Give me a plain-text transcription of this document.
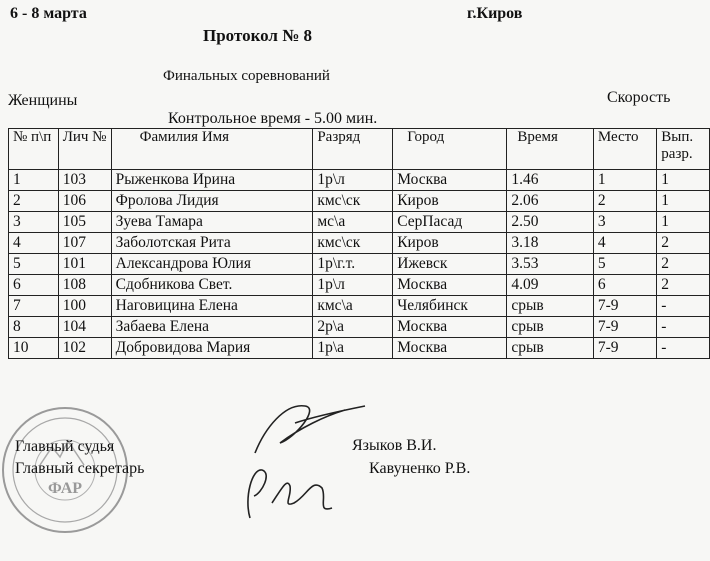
6 - 8 марта	г.Киров
Протокол № 8
Финальных соревнований
Женщины	Скорость
Контрольное время - 5.00 мин.
№ п\п	Лич №	Фамилия Имя	Разряд	Город	Время	Место	Вып. разр.
1	103	Рыженкова Ирина	1р\л	Москва	1.46	1	1
2	106	Фролова Лидия	кмс\ск	Киров	2.06	2	1
3	105	Зуева Тамара	мс\а	СерПасад	2.50	3	1
4	107	Заболотская Рита	кмс\ск	Киров	3.18	4	2
5	101	Александрова Юлия	1р\г.т.	Ижевск	3.53	5	2
6	108	Сдобникова Свет.	1р\л	Москва	4.09	6	2
7	100	Наговицина Елена	кмс\а	Челябинск	срыв	7-9	-
8	104	Забаева Елена	2р\а	Москва	срыв	7-9	-
10	102	Добровидова Мария	1р\а	Москва	срыв	7-9	-
ФАР
Главный судья
Главный секретарь
Языков В.И.
Кавуненко Р.В.
